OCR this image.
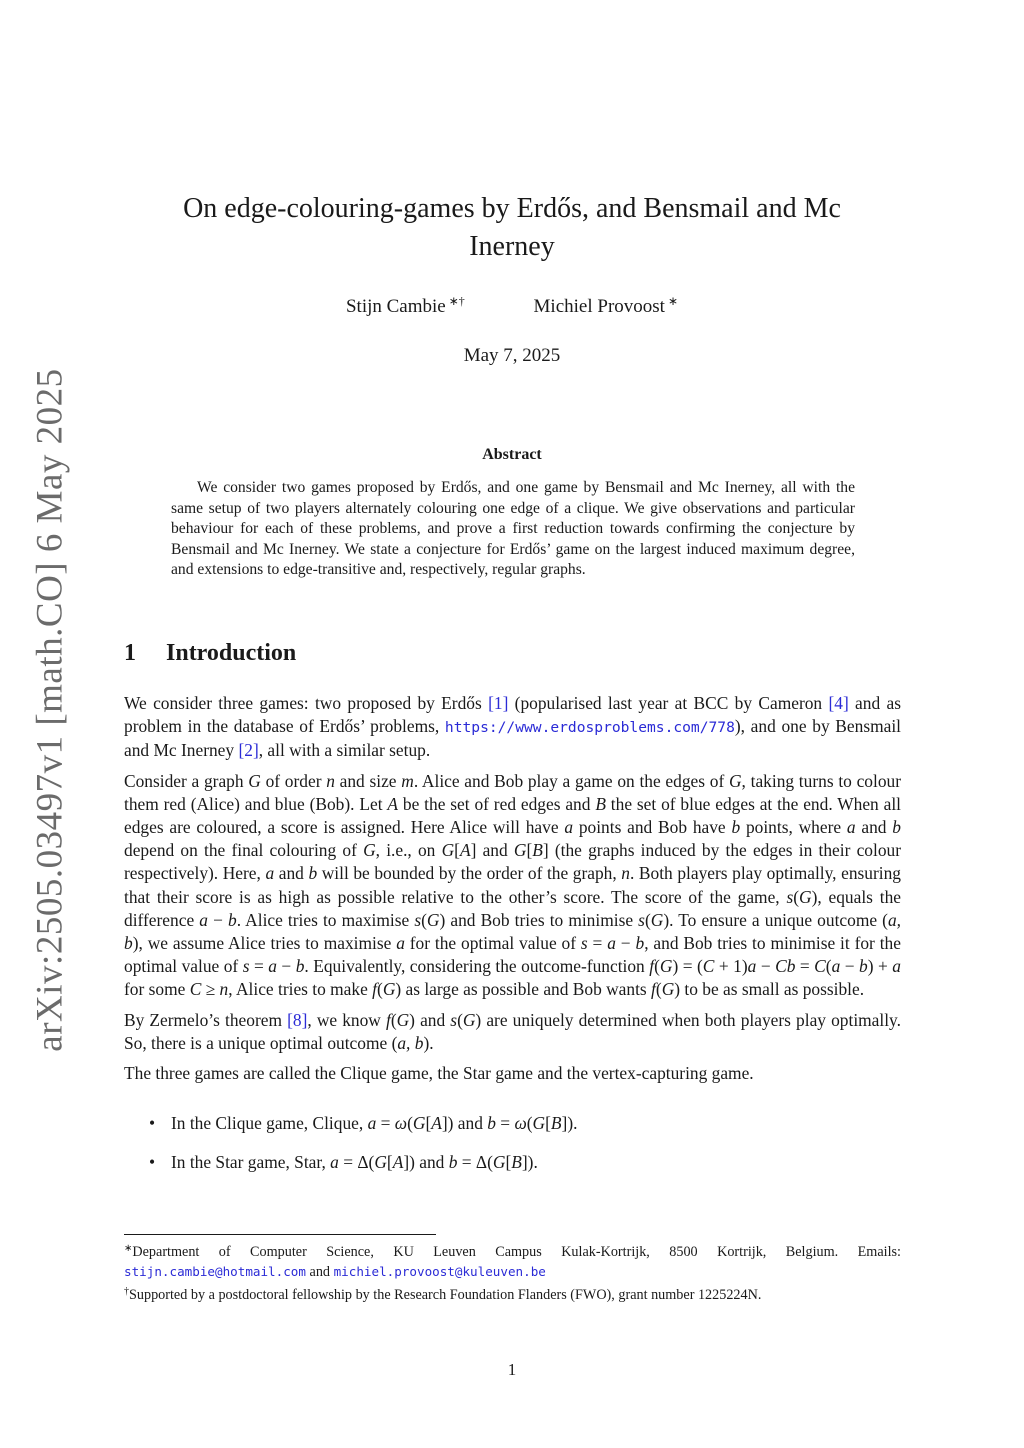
arXiv:2505.03497v1 [math.CO] 6 May 2025
On edge-colouring-games by Erdős, and Bensmail and Mc Inerney
Stijn Cambie ∗†	Michiel Provoost ∗
May 7, 2025
Abstract
We consider two games proposed by Erdős, and one game by Bensmail and Mc Inerney, all with the same setup of two players alternately colouring one edge of a clique. We give observations and particular behaviour for each of these problems, and prove a first reduction towards confirming the conjecture by Bensmail and Mc Inerney. We state a conjecture for Erdős’ game on the largest induced maximum degree, and extensions to edge-transitive and, respectively, regular graphs.
1 Introduction

We consider three games: two proposed by Erdős [1] (popularised last year at BCC by Cameron [4] and as problem in the database of Erdős’ problems, https://www.erdosproblems.com/778), and one by Bensmail and Mc Inerney [2], all with a similar setup.

Consider a graph G of order n and size m. Alice and Bob play a game on the edges of G, taking turns to colour them red (Alice) and blue (Bob). Let A be the set of red edges and B the set of blue edges at the end. When all edges are coloured, a score is assigned. Here Alice will have a points and Bob have b points, where a and b depend on the final colouring of G, i.e., on G[A] and G[B] (the graphs induced by the edges in their colour respectively). Here, a and b will be bounded by the order of the graph, n. Both players play optimally, ensuring that their score is as high as possible relative to the other’s score. The score of the game, s(G), equals the difference a − b. Alice tries to maximise s(G) and Bob tries to minimise s(G). To ensure a unique outcome (a, b), we assume Alice tries to maximise a for the optimal value of s = a − b, and Bob tries to minimise it for the optimal value of s = a − b. Equivalently, considering the outcome-function f(G) = (C + 1)a − Cb = C(a − b) + a for some C ≥ n, Alice tries to make f(G) as large as possible and Bob wants f(G) to be as small as possible.

By Zermelo’s theorem [8], we know f(G) and s(G) are uniquely determined when both players play optimally. So, there is a unique optimal outcome (a, b).

The three games are called the Clique game, the Star game and the vertex-capturing game.

• In the Clique game, Clique, a = ω(G[A]) and b = ω(G[B]).
• In the Star game, Star, a = Δ(G[A]) and b = Δ(G[B]).

∗Department of Computer Science, KU Leuven Campus Kulak-Kortrijk, 8500 Kortrijk, Belgium. Emails: stijn.cambie@hotmail.com and michiel.provoost@kuleuven.be

†Supported by a postdoctoral fellowship by the Research Foundation Flanders (FWO), grant number 1225224N.

1
